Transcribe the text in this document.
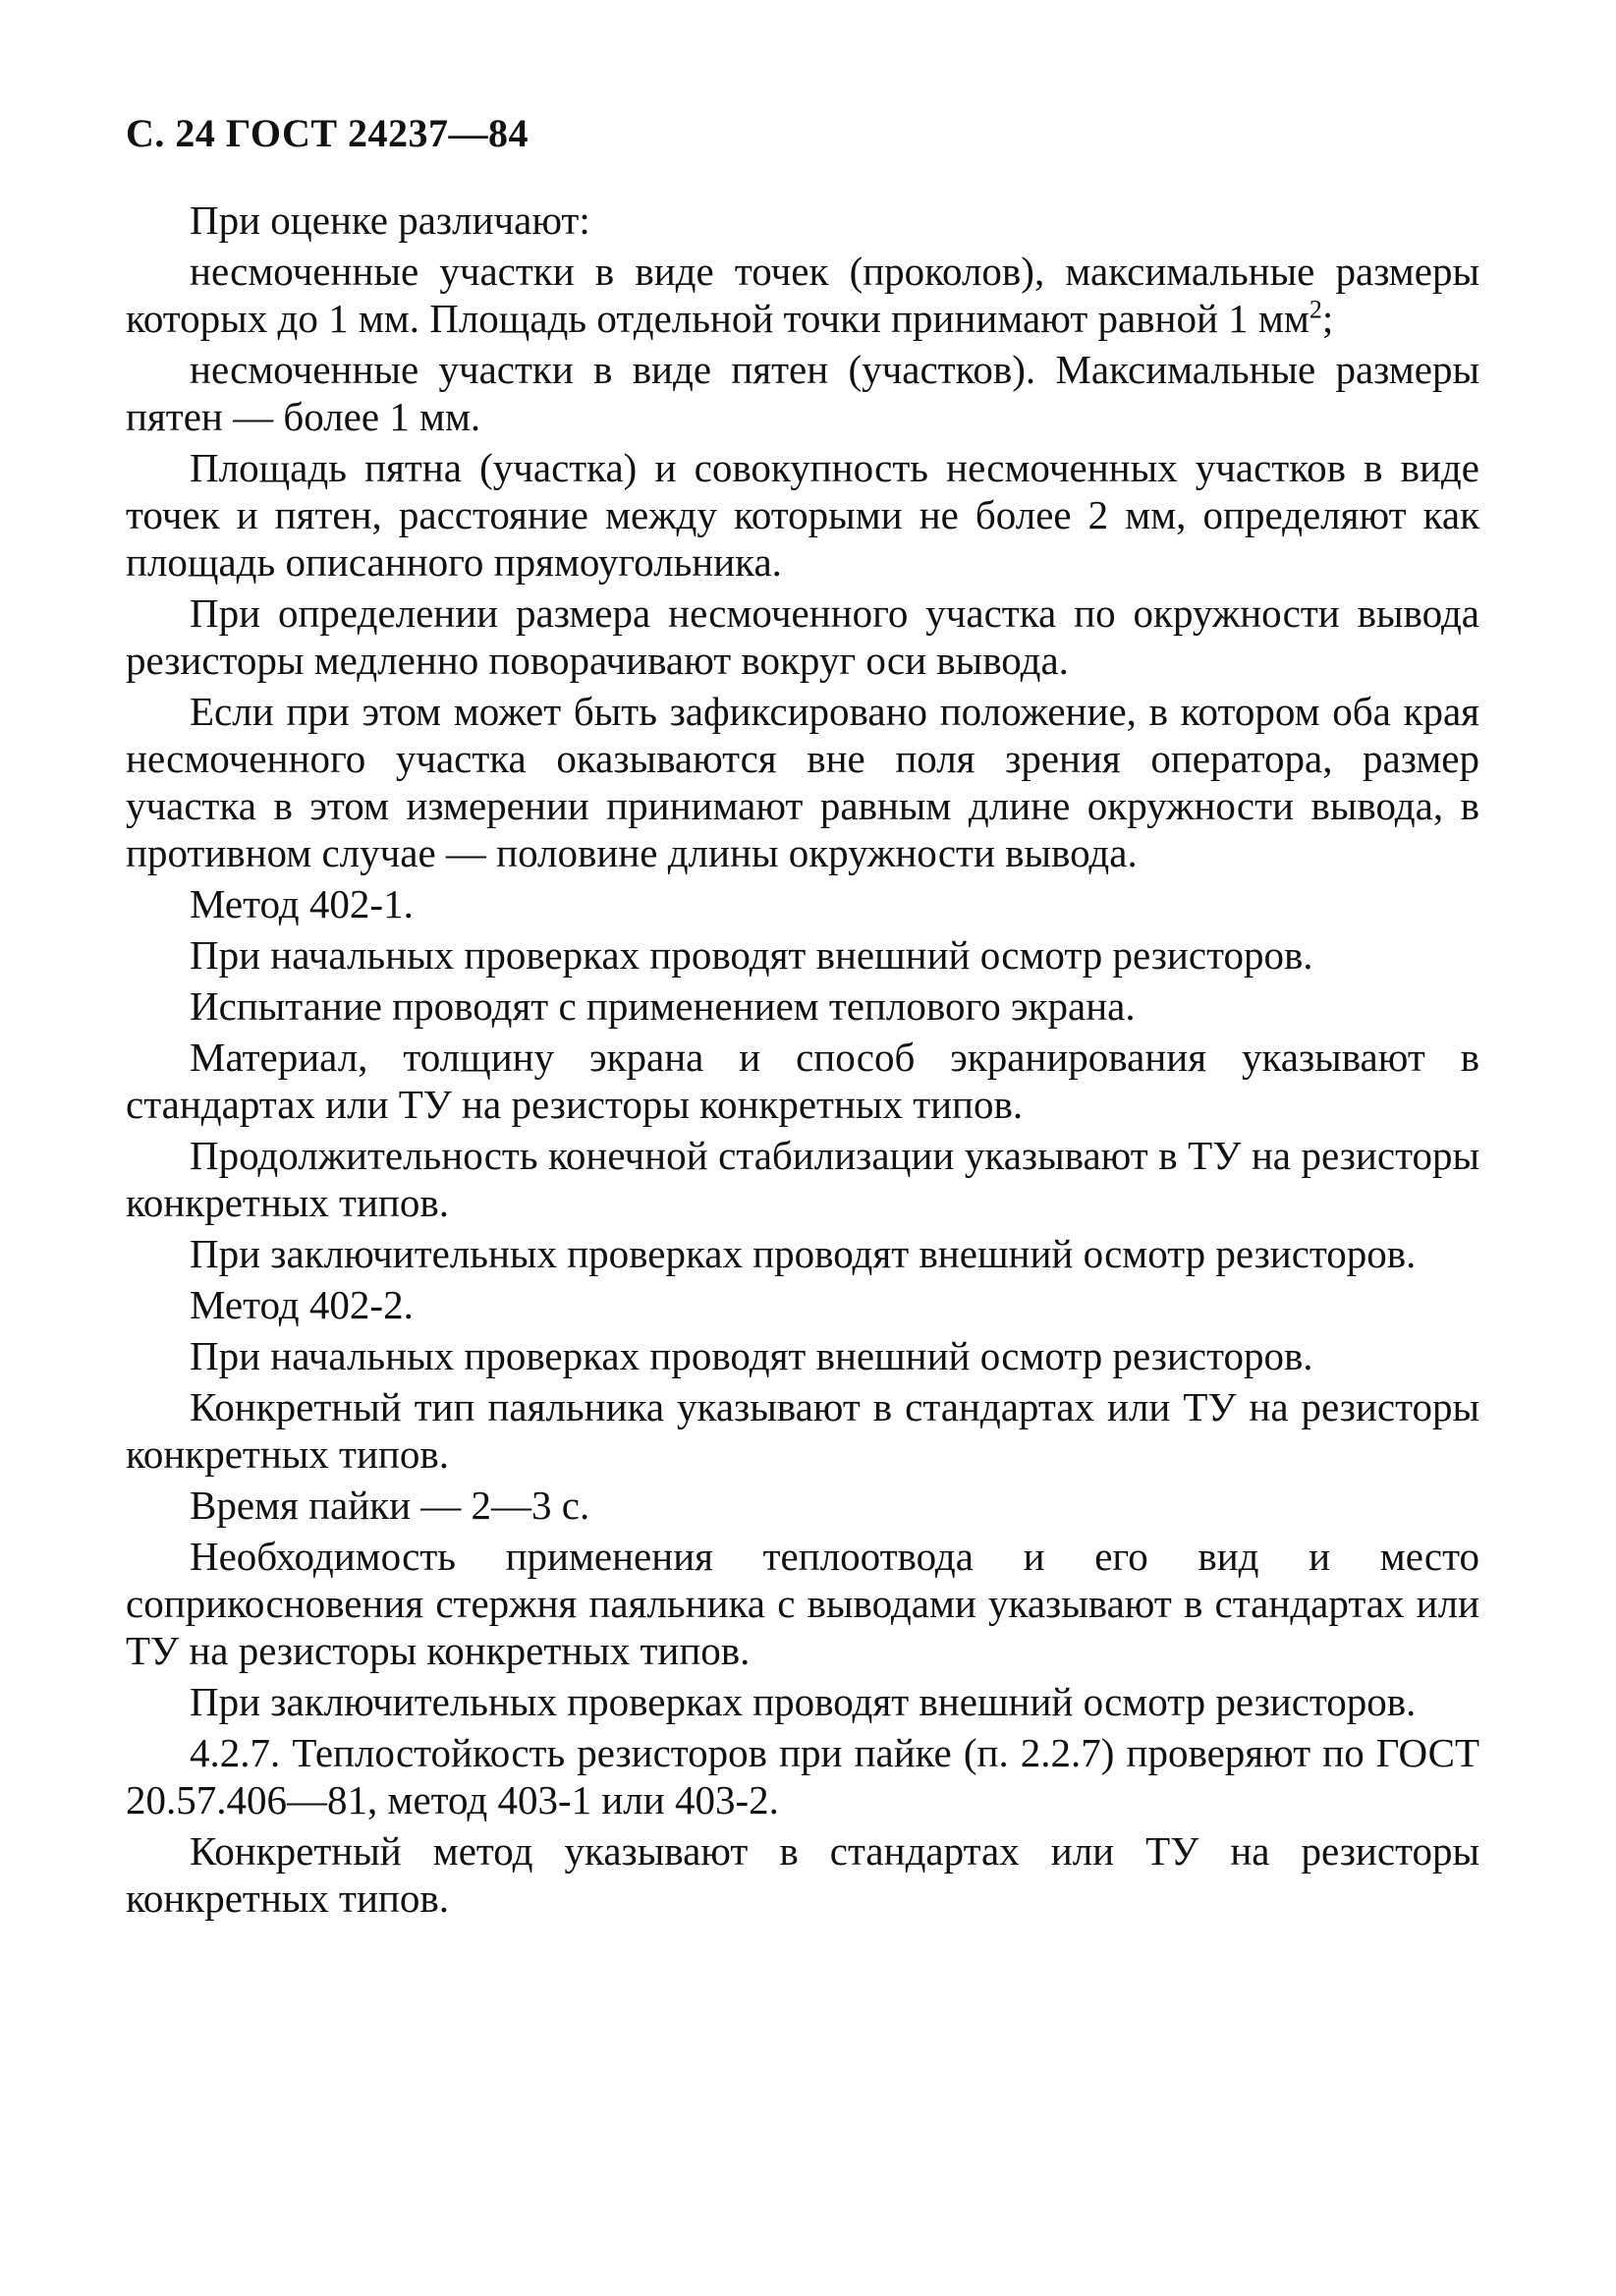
С. 24 ГОСТ 24237—84

При оценке различают:

несмоченные участки в виде точек (проколов), максимальные размеры которых до 1 мм. Площадь отдельной точки принимают равной 1 $мм^2$;

несмоченные участки в виде пятен (участков). Максимальные размеры пятен — более 1 мм.

Площадь пятна (участка) и совокупность несмоченных участков в виде точек и пятен, расстояние между которыми не более 2 мм, определяют как площадь описанного прямоугольника.

При определении размера несмоченного участка по окружности вывода резисторы медленно поворачивают вокруг оси вывода.

Если при этом может быть зафиксировано положение, в котором оба края несмоченного участка оказываются вне поля зрения оператора, размер участка в этом измерении принимают равным длине окружности вывода, в противном случае — половине длины окружности вывода.

Метод 402-1.

При начальных проверках проводят внешний осмотр резисторов.

Испытание проводят с применением теплового экрана.

Материал, толщину экрана и способ экранирования указывают в стандартах или ТУ на резисторы конкретных типов.

Продолжительность конечной стабилизации указывают в ТУ на резисторы конкретных типов.

При заключительных проверках проводят внешний осмотр резисторов.

Метод 402-2.

При начальных проверках проводят внешний осмотр резисторов.

Конкретный тип паяльника указывают в стандартах или ТУ на резисторы конкретных типов.

Время пайки — 2—3 с.

Необходимость применения теплоотвода и его вид и место соприкосновения стержня паяльника с выводами указывают в стандартах или ТУ на резисторы конкретных типов.

При заключительных проверках проводят внешний осмотр резисторов.

4.2.7. Теплостойкость резисторов при пайке (п. 2.2.7) проверяют по ГОСТ 20.57.406—81, метод 403-1 или 403-2.

Конкретный метод указывают в стандартах или ТУ на резисторы конкретных типов.
